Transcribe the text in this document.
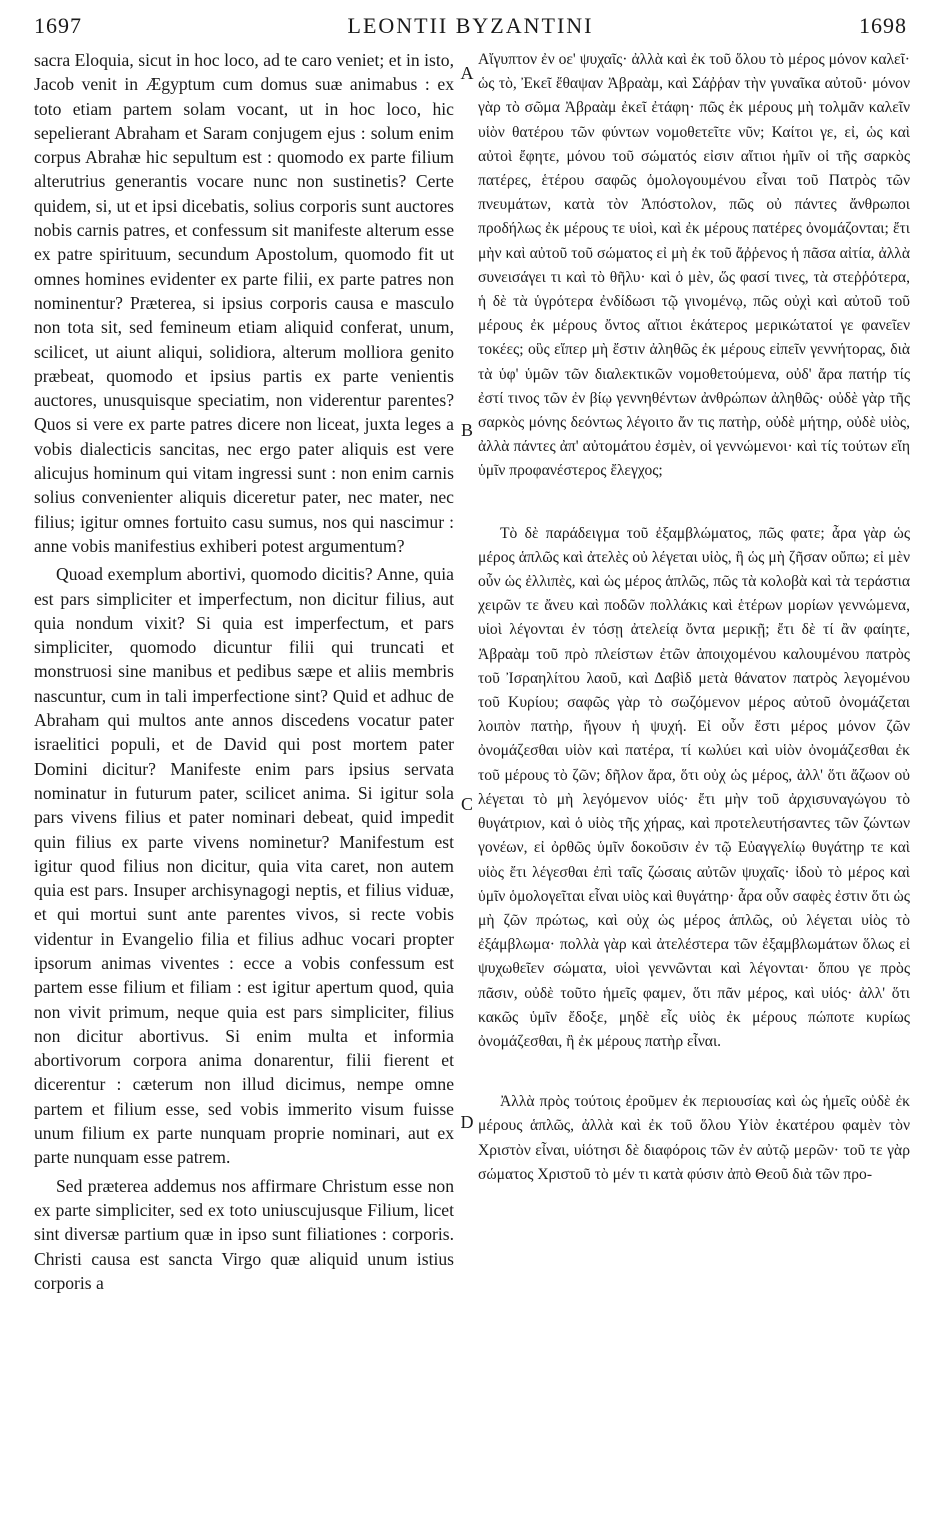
1697	LEONTII BYZANTINI	1698

sacra Eloquia, sicut in hoc loco, ad te caro veniet; et in isto, Jacob venit in Ægyptum cum domus suæ animabus : ex toto etiam partem solam vocant, ut in hoc loco, hic sepelierant Abraham et Saram conjugem ejus : solum enim corpus Abrahæ hic sepultum est : quomodo ex parte filium alterutrius generantis vocare nunc non sustinetis? Certe quidem, si, ut et ipsi dicebatis, solius corporis sunt auctores nobis carnis patres, et confessum sit manifeste alterum esse ex patre spirituum, secundum Apostolum, quomodo fit ut omnes homines evidenter ex parte filii, ex parte patres non nominentur? Præterea, si ipsius corporis causa e masculo non tota sit, sed femineum etiam aliquid conferat, unum, scilicet, ut aiunt aliqui, solidiora, alterum molliora genito præbeat, quomodo et ipsius partis ex parte venientis auctores, unusquisque speciatim, non viderentur parentes? Quos si vere ex parte patres dicere non liceat, juxta leges a vobis dialecticis sancitas, nec ergo pater aliquis est vere alicujus hominum qui vitam ingressi sunt : non enim carnis solius convenienter aliquis diceretur pater, nec mater, nec filius; igitur omnes fortuito casu sumus, nos qui nascimur : anne vobis manifestius exhiberi potest argumentum?

Quoad exemplum abortivi, quomodo dicitis? Anne, quia est pars simpliciter et imperfectum, non dicitur filius, aut quia nondum vixit? Si quia est imperfectum, et pars simpliciter, quomodo dicuntur filii qui truncati et monstruosi sine manibus et pedibus sæpe et aliis membris nascuntur, cum in tali imperfectione sint? Quid et adhuc de Abraham qui multos ante annos discedens vocatur pater israelitici populi, et de David qui post mortem pater Domini dicitur? Manifeste enim pars ipsius servata nominatur in futurum pater, scilicet anima. Si igitur sola pars vivens filius et pater nominari debeat, quid impedit quin filius ex parte vivens nominetur? Manifestum est igitur quod filius non dicitur, quia vita caret, non autem quia est pars. Insuper archisynagogi neptis, et filius viduæ, et qui mortui sunt ante parentes vivos, si recte vobis videntur in Evangelio filia et filius adhuc vocari propter ipsorum animas viventes : ecce a vobis confessum est partem esse filium et filiam : est igitur apertum quod, quia non vivit primum, neque quia est pars simpliciter, filius non dicitur abortivus. Si enim multa et informia abortivorum corpora anima donarentur, filii fierent et dicerentur : cæterum non illud dicimus, nempe omne partem et filium esse, sed vobis immerito visum fuisse unum filium ex parte nunquam proprie nominari, aut ex parte nunquam esse patrem.

Sed præterea addemus nos affirmare Christum esse non ex parte simpliciter, sed ex toto uniuscujusque Filium, licet sint diversæ partium quæ in ipso sunt filiationes : corporis. Christi causa est sancta Virgo quæ aliquid unum istius corporis a

A
B
C
D

Αἴγυπτον ἐν οε' ψυχαῖς· ἀλλὰ καὶ ἐκ τοῦ ὅλου τὸ μέρος μόνον καλεῖ· ὡς τὸ, Ἐκεῖ ἔθαψαν Ἀβραὰμ, καὶ Σάῤῥαν τὴν γυναῖκα αὐτοῦ· μόνον γὰρ τὸ σῶμα Ἀβραὰμ ἐκεῖ ἐτάφη· πῶς ἐκ μέρους μὴ τολμᾶν καλεῖν υἱὸν θατέρου τῶν φύντων νομοθετεῖτε νῦν; Καίτοι γε, εἰ, ὡς καὶ αὐτοὶ ἔφητε, μόνου τοῦ σώματός εἰσιν αἴτιοι ἡμῖν οἱ τῆς σαρκὸς πατέρες, ἑτέρου σαφῶς ὁμολογουμένου εἶναι τοῦ Πατρὸς τῶν πνευμάτων, κατὰ τὸν Ἀπόστολον, πῶς οὐ πάντες ἄνθρωποι προδήλως ἐκ μέρους τε υἱοὶ, καὶ ἐκ μέρους πατέρες ὀνομάζονται; ἔτι μὴν καὶ αὐτοῦ τοῦ σώματος εἰ μὴ ἐκ τοῦ ἄῤῥενος ἡ πᾶσα αἰτία, ἀλλὰ συνεισάγει τι καὶ τὸ θῆλυ· καὶ ὁ μὲν, ὥς φασί τινες, τὰ στεῤῥότερα, ἡ δὲ τὰ ὑγρότερα ἐνδίδωσι τῷ γινομένῳ, πῶς οὐχὶ καὶ αὐτοῦ τοῦ μέρους ἐκ μέρους ὄντος αἴτιοι ἑκάτερος μερικώτατοί γε φανεῖεν τοκέες; οὓς εἴπερ μὴ ἔστιν ἀληθῶς ἐκ μέρους εἰπεῖν γεννήτορας, διὰ τὰ ὑφ' ὑμῶν τῶν διαλεκτικῶν νομοθετούμενα, οὐδ' ἄρα πατήρ τίς ἐστί τινος τῶν ἐν βίῳ γεννηθέντων ἀνθρώπων ἀληθῶς· οὐδὲ γὰρ τῆς σαρκὸς μόνης δεόντως λέγοιτο ἄν τις πατὴρ, οὐδὲ μήτηρ, οὐδὲ υἱὸς, ἀλλὰ πάντες ἀπ' αὐτομάτου ἐσμὲν, οἱ γεννώμενοι· καὶ τίς τούτων εἴη ὑμῖν προφανέστερος ἔλεγχος;

Τὸ δὲ παράδειγμα τοῦ ἐξαμβλώματος, πῶς φατε; ἆρα γὰρ ὡς μέρος ἁπλῶς καὶ ἀτελὲς οὐ λέγεται υἱὸς, ἢ ὡς μὴ ζῆσαν οὔπω; εἰ μὲν οὖν ὡς ἐλλιπὲς, καὶ ὡς μέρος ἁπλῶς, πῶς τὰ κολοβὰ καὶ τὰ τεράστια χειρῶν τε ἄνευ καὶ ποδῶν πολλάκις καὶ ἑτέρων μορίων γεννώμενα, υἱοὶ λέγονται ἐν τόσῃ ἀτελείᾳ ὄντα μερικῇ; ἔτι δὲ τί ἂν φαίητε, Ἀβραὰμ τοῦ πρὸ πλείστων ἐτῶν ἀποιχομένου καλουμένου πατρὸς τοῦ Ἰσραηλίτου λαοῦ, καὶ Δαβὶδ μετὰ θάνατον πατρὸς λεγομένου τοῦ Κυρίου; σαφῶς γὰρ τὸ σωζόμενον μέρος αὐτοῦ ὀνομάζεται λοιπὸν πατὴρ, ἤγουν ἡ ψυχή. Εἰ οὖν ἔστι μέρος μόνον ζῶν ὀνομάζεσθαι υἱὸν καὶ πατέρα, τί κωλύει καὶ υἱὸν ὀνομάζεσθαι ἐκ τοῦ μέρους τὸ ζῶν; δῆλον ἄρα, ὅτι οὐχ ὡς μέρος, ἀλλ' ὅτι ἄζωον οὐ λέγεται τὸ μὴ λεγόμενον υἱός· ἔτι μὴν τοῦ ἀρχισυναγώγου τὸ θυγάτριον, καὶ ὁ υἱὸς τῆς χήρας, καὶ προτελευτήσαντες τῶν ζώντων γονέων, εἰ ὀρθῶς ὑμῖν δοκοῦσιν ἐν τῷ Εὐαγγελίῳ θυγάτηρ τε καὶ υἱὸς ἔτι λέγεσθαι ἐπὶ ταῖς ζώσαις αὐτῶν ψυχαῖς· ἰδοὺ τὸ μέρος καὶ ὑμῖν ὁμολογεῖται εἶναι υἱὸς καὶ θυγάτηρ· ἆρα οὖν σαφὲς ἐστιν ὅτι ὡς μὴ ζῶν πρώτως, καὶ οὐχ ὡς μέρος ἁπλῶς, οὐ λέγεται υἱὸς τὸ ἐξάμβλωμα· πολλὰ γὰρ καὶ ἀτελέστερα τῶν ἐξαμβλωμάτων ὅλως εἰ ψυχωθεῖεν σώματα, υἱοὶ γεννῶνται καὶ λέγονται· ὅπου γε πρὸς πᾶσιν, οὐδὲ τοῦτο ἡμεῖς φαμεν, ὅτι πᾶν μέρος, καὶ υἱός· ἀλλ' ὅτι κακῶς ὑμῖν ἔδοξε, μηδὲ εἷς υἱὸς ἐκ μέρους πώποτε κυρίως ὀνομάζεσθαι, ἢ ἐκ μέρους πατὴρ εἶναι.

Ἀλλὰ πρὸς τούτοις ἐροῦμεν ἐκ περιουσίας καὶ ὡς ἡμεῖς οὐδὲ ἐκ μέρους ἁπλῶς, ἀλλὰ καὶ ἐκ τοῦ ὅλου Υἱὸν ἑκατέρου φαμὲν τὸν Χριστὸν εἶναι, υἱότησι δὲ διαφόροις τῶν ἐν αὐτῷ μερῶν· τοῦ τε γὰρ σώματος Χριστοῦ τὸ μέν τι κατὰ φύσιν ἀπὸ Θεοῦ διὰ τῶν προ-
